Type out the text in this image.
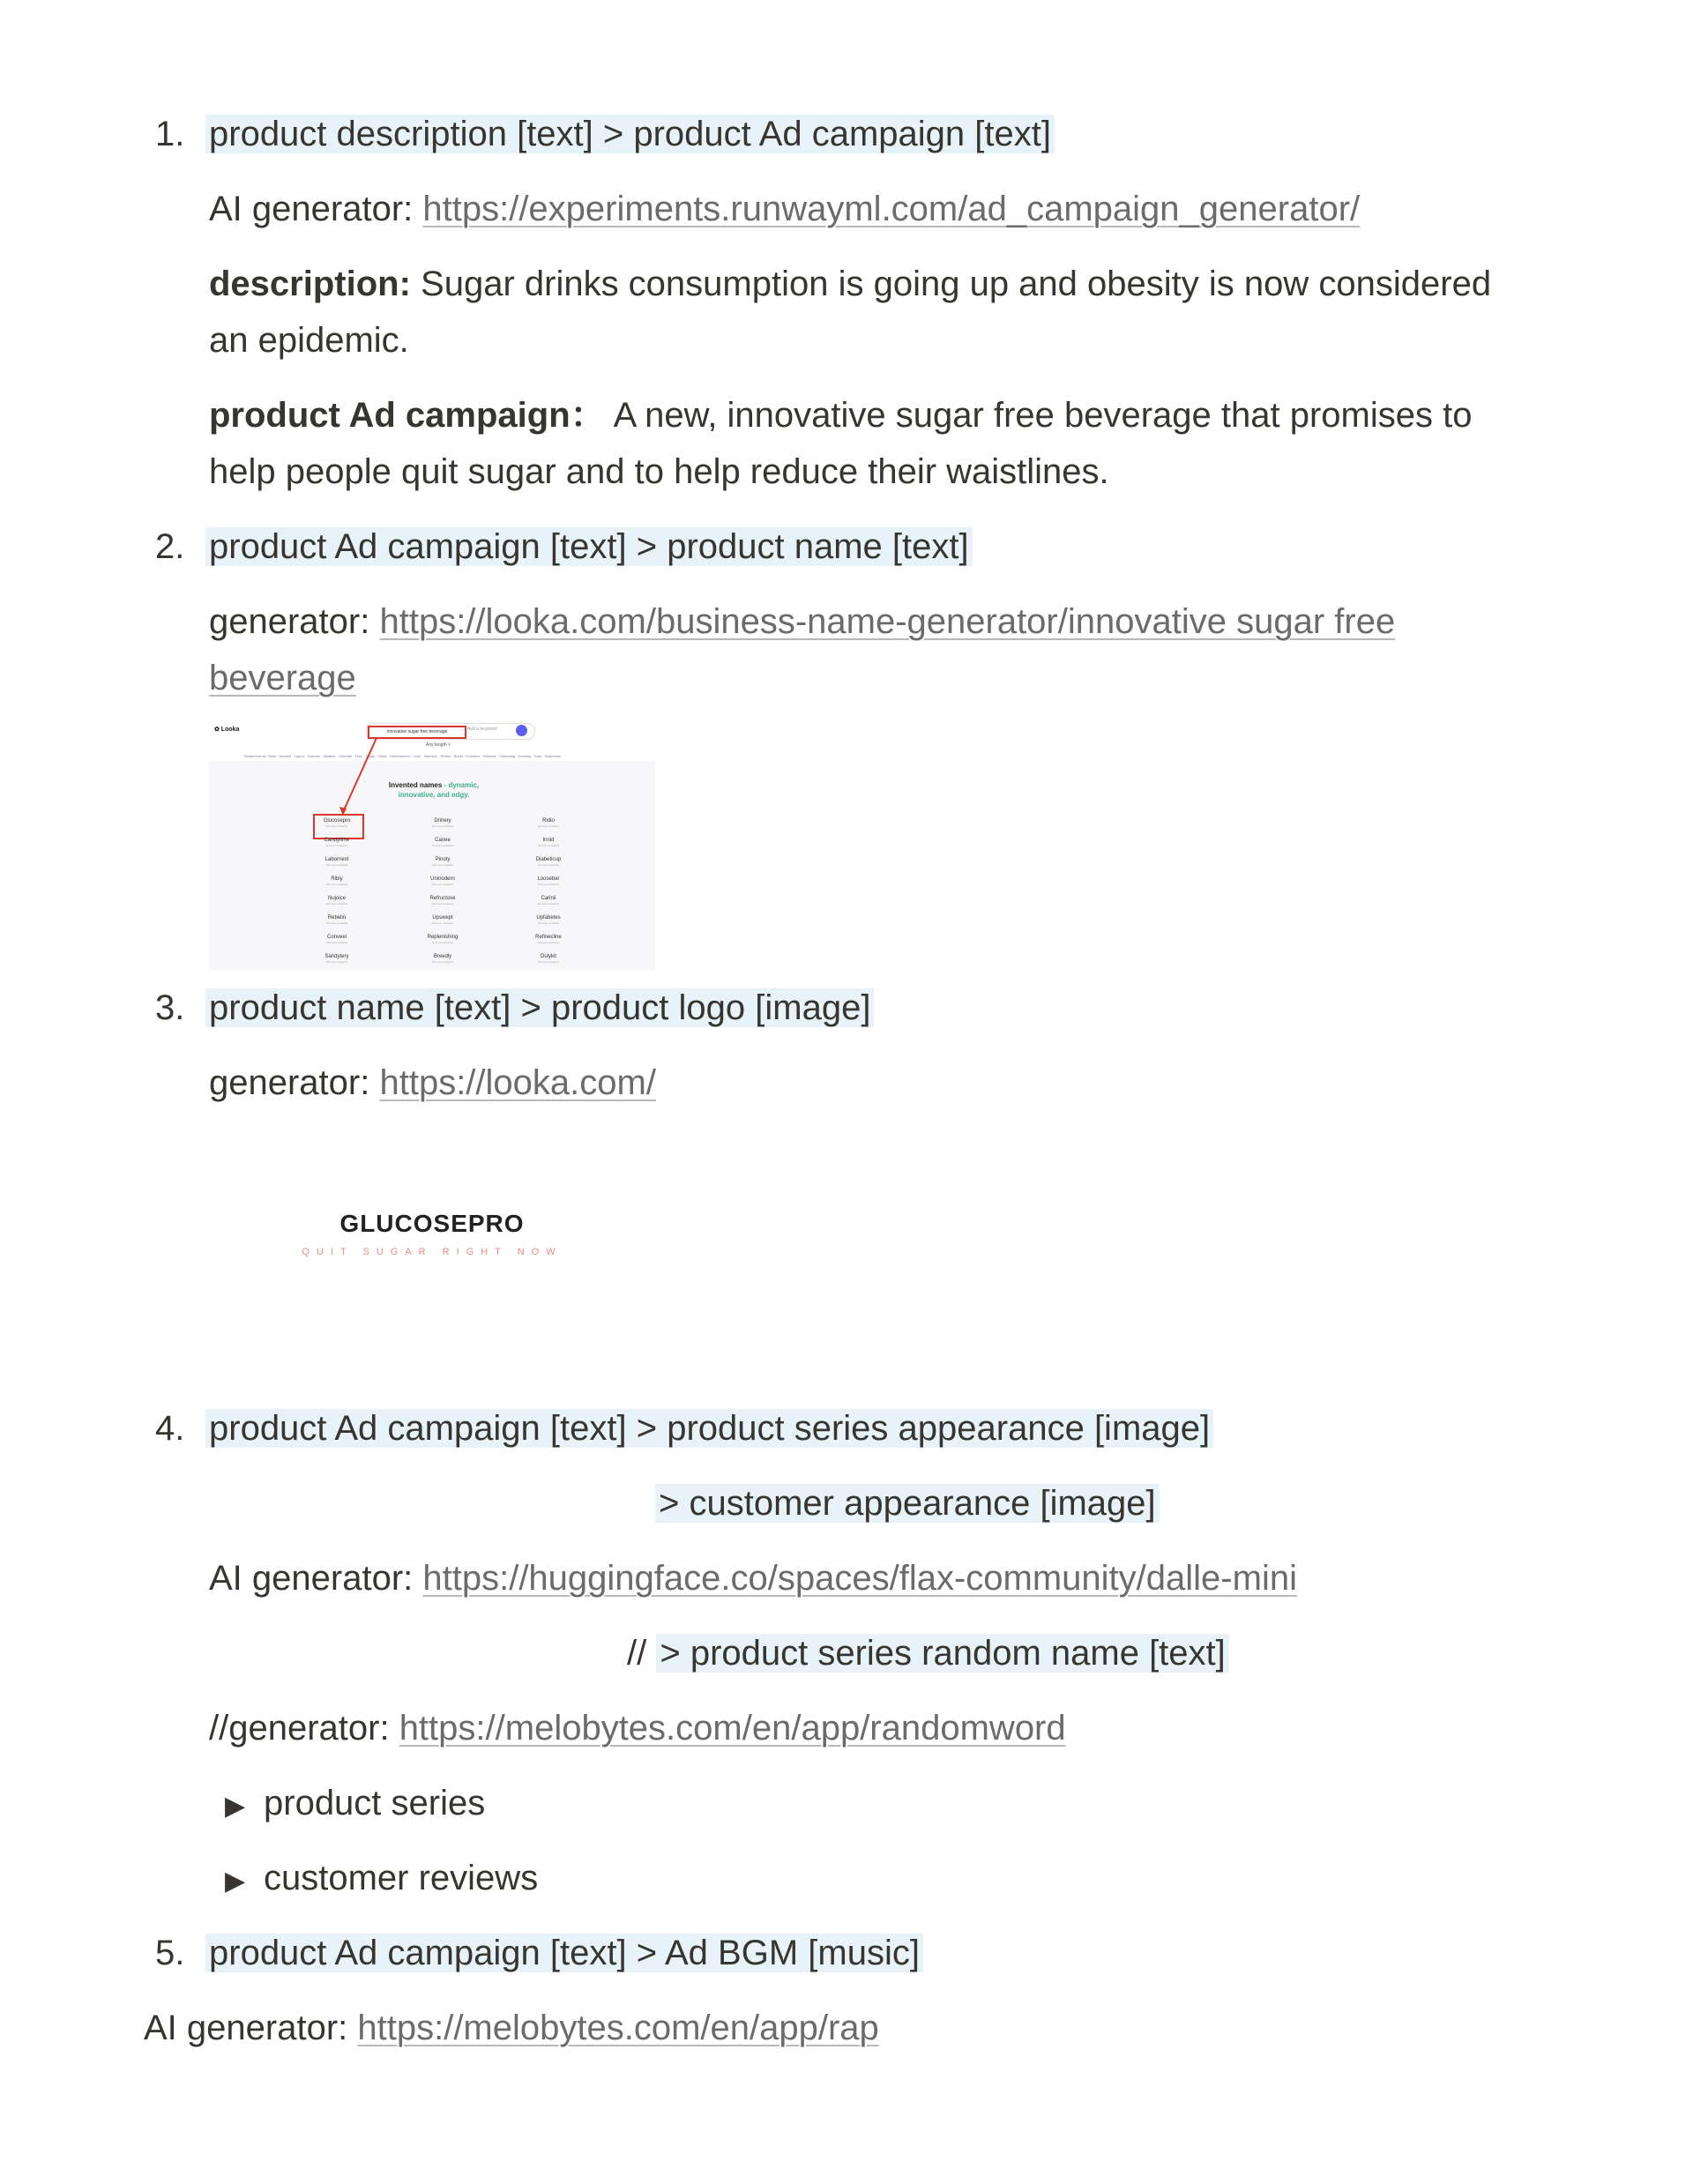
1. product description [text] > product Ad campaign [text]
AI generator: https://experiments.runwayml.com/ad_campaign_generator/
description: Sugar drinks consumption is going up and obesity is now considered
an epidemic.
product Ad campaign： A new, innovative sugar free beverage that promises to
help people quit sugar and to help reduce their waistlines.
2. product Ad campaign [text] > product name [text]
generator: https://looka.com/business-name-generator/innovative sugar free
beverage
✿ Looka	innovative sugar free beverage	Add a keyword
Any length ˅
Related terms: Wine · Modern · Liquor · Glucose · Alkaline · Cheerful · Free · Sugar · Need · Refreshment · Lime · Intention · Refine · Boost · Inventive · Release · Threading · Drinking · Sale · Sweetener
Invented names - dynamic, innovative, and edgy.
Glucosepro
Domains available
Candytime
Domains available
Labornest
Domains available
Ribiy
Domains available
Nujoice
Domains available
Rebelio
Domains available
Conveel
Domains available
Sandytery
Domains available
Drinery
Domains available
Canee
Domains available
Pinoty
Domains available
Uninodern
Domains available
Refructose
Domains available
Upswept
Domains available
Replenishing
Domains available
Breedly
Domains available
Ridio
Domains available
Innid
Domains available
Diabeticup
Domains available
Loosebar
Domains available
Carinii
Domains available
Upfabetes
Domains available
Refinecline
Domains available
Dulykit
Domains available
3. product name [text] > product logo [image]
generator: https://looka.com/
GLUCOSEPRO
QUIT SUGAR RIGHT NOW
4. product Ad campaign [text] > product series appearance [image]
> customer appearance [image]
AI generator: https://huggingface.co/spaces/flax-community/dalle-mini
// > product series random name [text]
//generator: https://melobytes.com/en/app/randomword
▶ product series
▶ customer reviews
5. product Ad campaign [text] > Ad BGM [music]
AI generator: https://melobytes.com/en/app/rap
